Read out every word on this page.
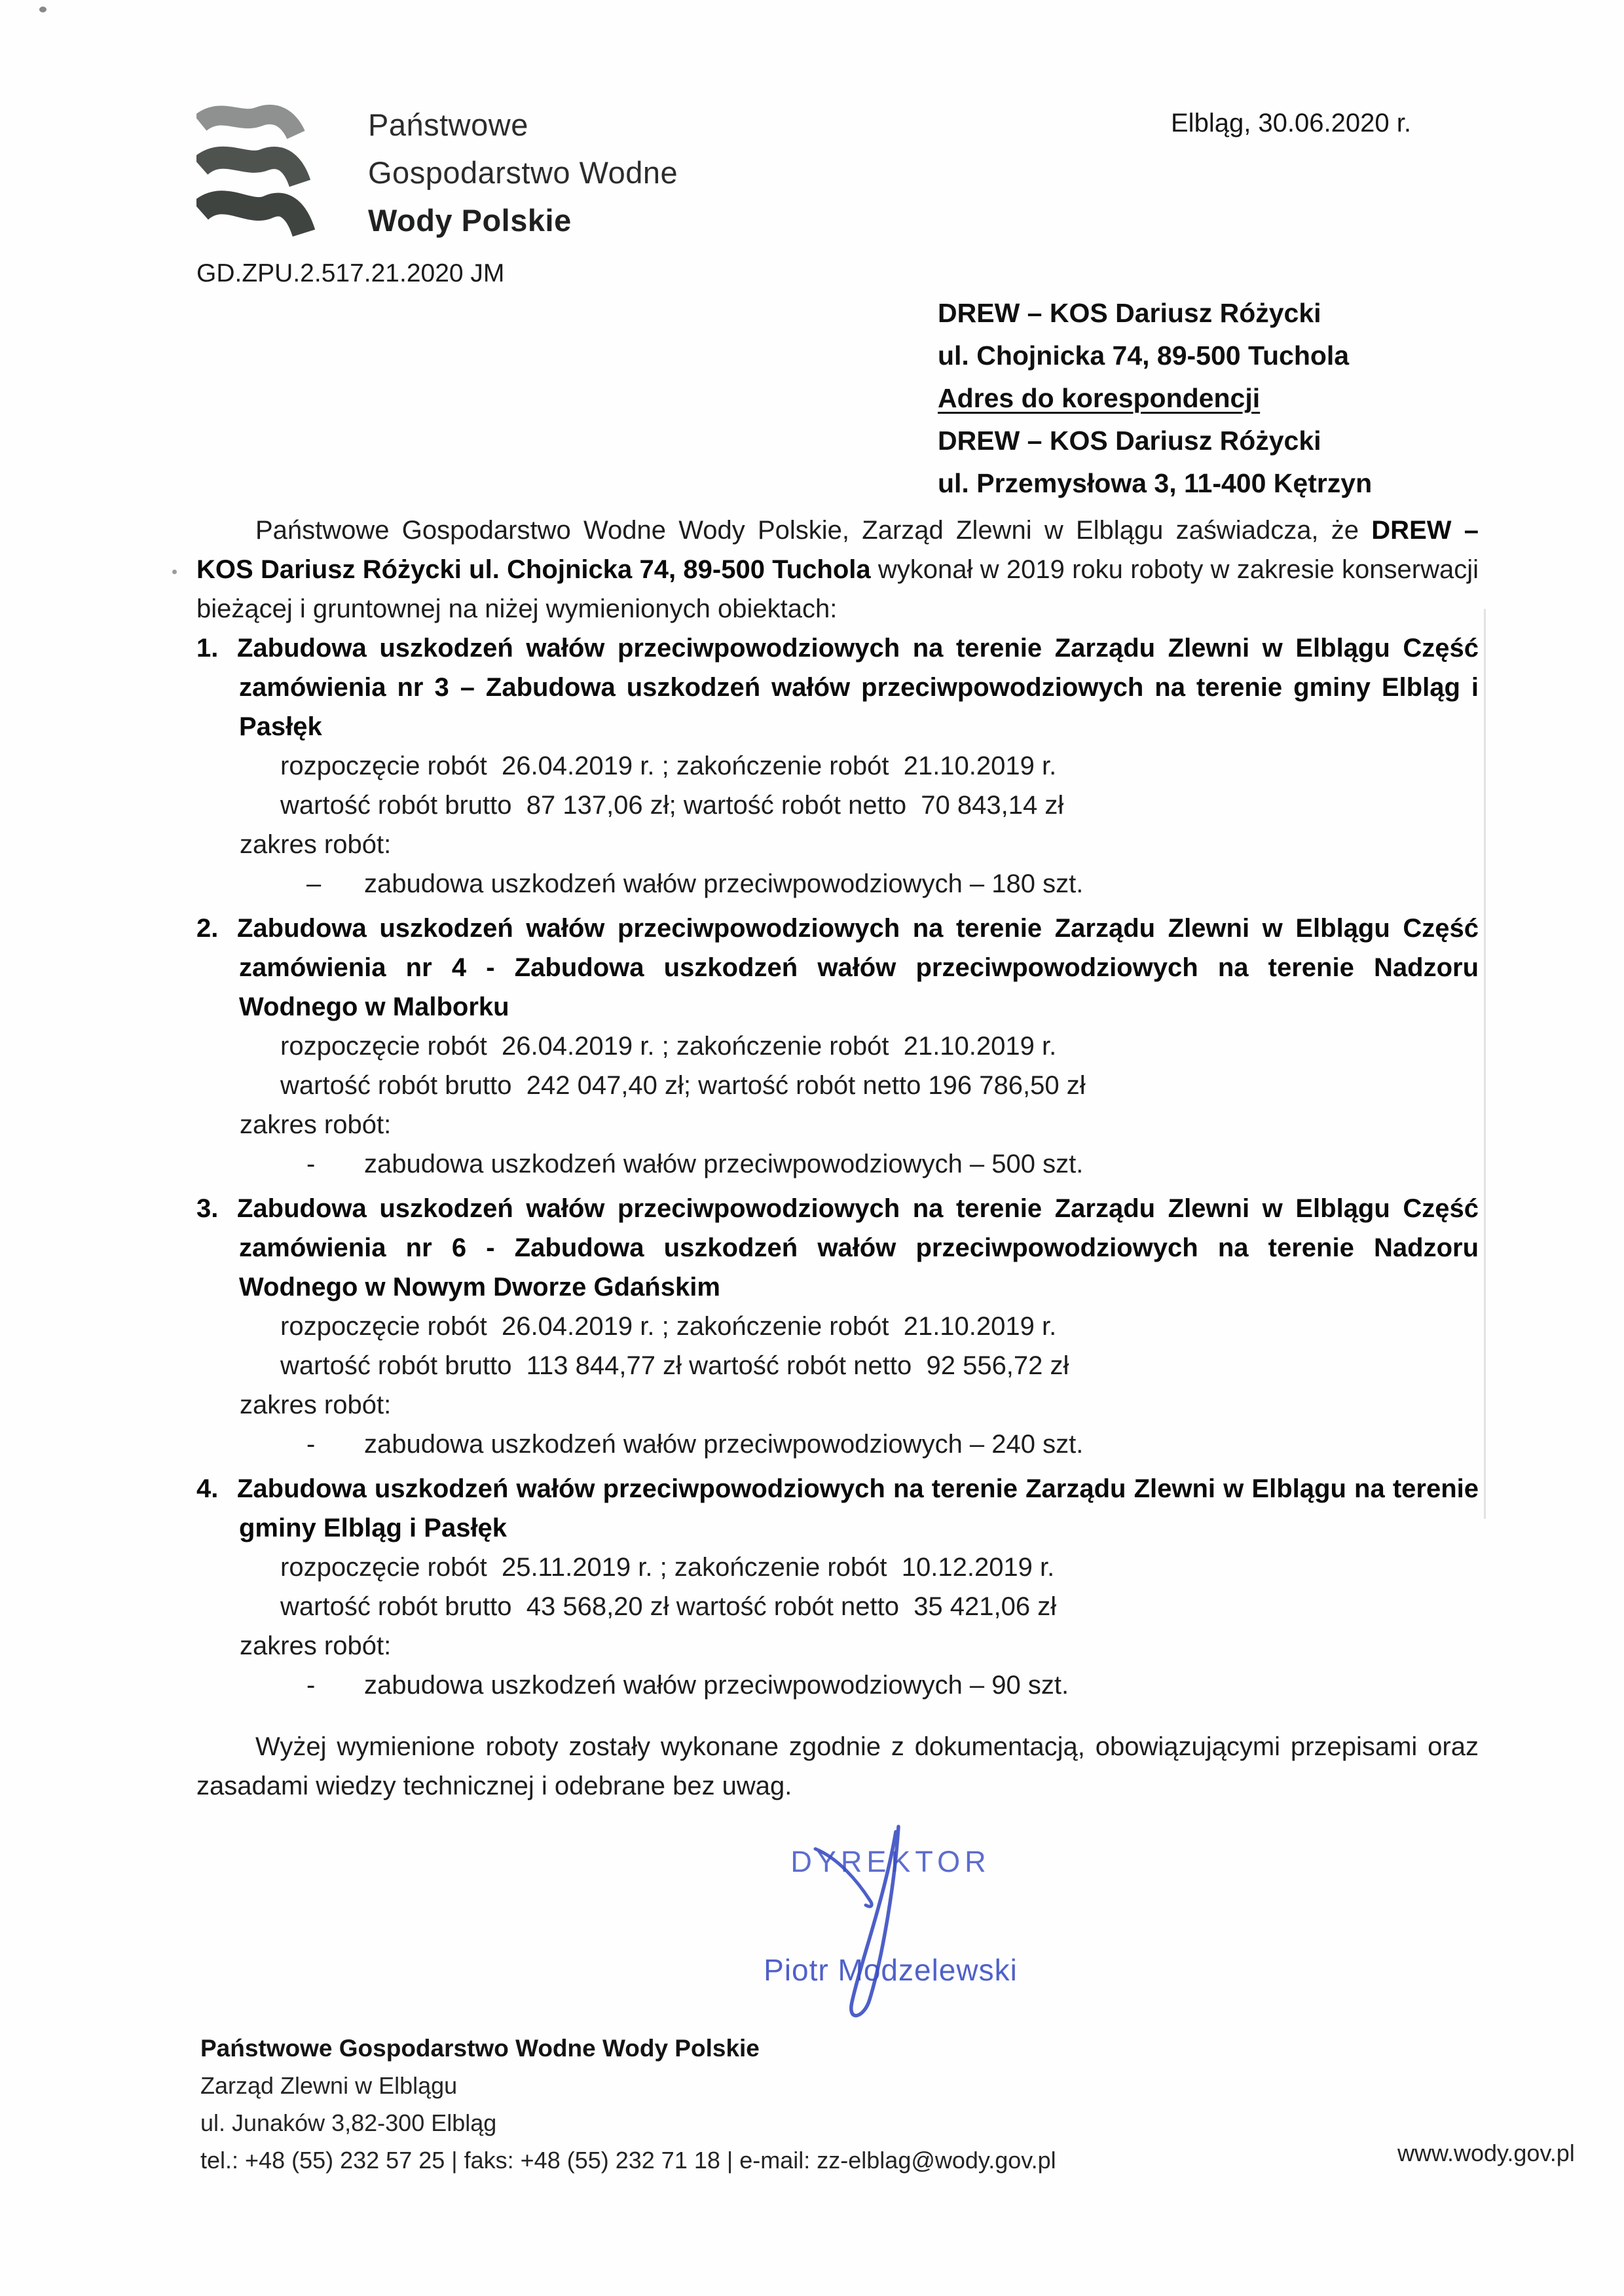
Państwowe
Gospodarstwo Wodne
Wody Polskie
Elbląg, 30.06.2020 r.
GD.ZPU.2.517.21.2020 JM
DREW – KOS Dariusz Różycki
ul. Chojnicka 74, 89-500 Tuchola
Adres do korespondencji
DREW – KOS Dariusz Różycki
ul. Przemysłowa 3, 11-400 Kętrzyn

Państwowe Gospodarstwo Wodne Wody Polskie, Zarząd Zlewni w Elblągu zaświadcza, że DREW – KOS Dariusz Różycki ul. Chojnicka 74, 89-500 Tuchola wykonał w 2019 roku roboty w zakresie konserwacji bieżącej i gruntownej na niżej wymienionych obiektach:

1. Zabudowa uszkodzeń wałów przeciwpowodziowych na terenie Zarządu Zlewni w Elblągu Część zamówienia nr 3 – Zabudowa uszkodzeń wałów przeciwpowodziowych na terenie gminy Elbląg i Pasłęk
rozpoczęcie robót  26.04.2019 r. ; zakończenie robót  21.10.2019 r.
wartość robót brutto  87 137,06 zł; wartość robót netto  70 843,14 zł
zakres robót:
– zabudowa uszkodzeń wałów przeciwpowodziowych – 180 szt.
2. Zabudowa uszkodzeń wałów przeciwpowodziowych na terenie Zarządu Zlewni w Elblągu Część zamówienia nr 4 - Zabudowa uszkodzeń wałów przeciwpowodziowych na terenie Nadzoru Wodnego w Malborku
rozpoczęcie robót  26.04.2019 r. ; zakończenie robót  21.10.2019 r.
wartość robót brutto  242 047,40 zł; wartość robót netto 196 786,50 zł
zakres robót:
- zabudowa uszkodzeń wałów przeciwpowodziowych – 500 szt.
3. Zabudowa uszkodzeń wałów przeciwpowodziowych na terenie Zarządu Zlewni w Elblągu Część zamówienia nr 6 - Zabudowa uszkodzeń wałów przeciwpowodziowych na terenie Nadzoru Wodnego w Nowym Dworze Gdańskim
rozpoczęcie robót  26.04.2019 r. ; zakończenie robót  21.10.2019 r.
wartość robót brutto  113 844,77 zł wartość robót netto  92 556,72 zł
zakres robót:
- zabudowa uszkodzeń wałów przeciwpowodziowych – 240 szt.
4. Zabudowa uszkodzeń wałów przeciwpowodziowych na terenie Zarządu Zlewni w Elblągu na terenie gminy Elbląg i Pasłęk
rozpoczęcie robót  25.11.2019 r. ; zakończenie robót  10.12.2019 r.
wartość robót brutto  43 568,20 zł wartość robót netto  35 421,06 zł
zakres robót:
- zabudowa uszkodzeń wałów przeciwpowodziowych – 90 szt.

Wyżej wymienione roboty zostały wykonane zgodnie z dokumentacją, obowiązującymi przepisami oraz zasadami wiedzy technicznej i odebrane bez uwag.

DYREKTOR
Piotr Modzelewski
Państwowe Gospodarstwo Wodne Wody Polskie
Zarząd Zlewni w Elblągu
ul. Junaków 3,82-300 Elbląg
tel.: +48 (55) 232 57 25 | faks: +48 (55) 232 71 18 | e-mail: zz-elblag@wody.gov.pl	www.wody.gov.pl
